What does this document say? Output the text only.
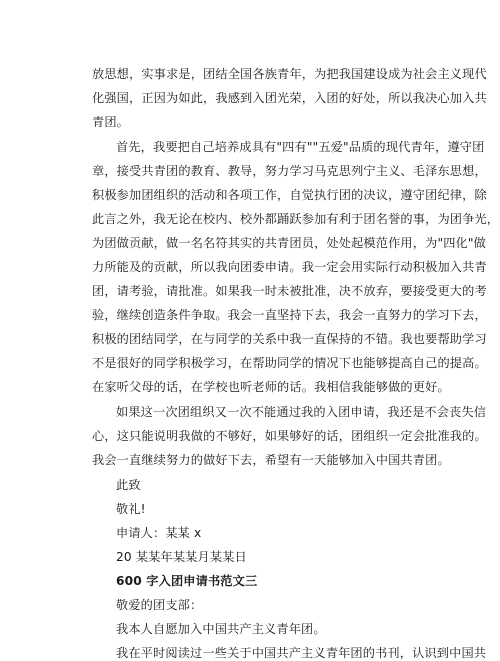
放思想，实事求是，团结全国各族青年，为把我国建设成为社会主义现代
化强国，正因为如此，我感到入团光荣，入团的好处，所以我决心加入共
青团。
首先，我要把自己培养成具有"四有""五爱"品质的现代青年，遵守团
章，接受共青团的教育、教导，努力学习马克思列宁主义、毛泽东思想，
积极参加团组织的活动和各项工作，自觉执行团的决议，遵守团纪律，除
此言之外，我无论在校内、校外都踊跃参加有利于团名誉的事，为团争光，
为团做贡献，做一名名符其实的共青团员，处处起模范作用，为"四化"做
力所能及的贡献，所以我向团委申请。我一定会用实际行动积极加入共青
团，请考验，请批准。如果我一时未被批准，决不放弃，要接受更大的考
验，继续创造条件争取。我会一直坚持下去，我会一直努力的学习下去，
积极的团结同学，在与同学的关系中我一直保持的不错。我也要帮助学习
不是很好的同学积极学习，在帮助同学的情况下也能够提高自己的提高。
在家听父母的话，在学校也听老师的话。我相信我能够做的更好。
如果这一次团组织又一次不能通过我的入团申请，我还是不会丧失信
心，这只能说明我做的不够好，如果够好的话，团组织一定会批准我的。
我会一直继续努力的做好下去，希望有一天能够加入中国共青团。
此致
敬礼!
申请人：某某 x
20 某某年某某月某某日
600 字入团申请书范文三
敬爱的团支部：
我本人自愿加入中国共产主义青年团。
我在平时阅读过一些关于中国共产主义青年团的书刊，认识到中国共
